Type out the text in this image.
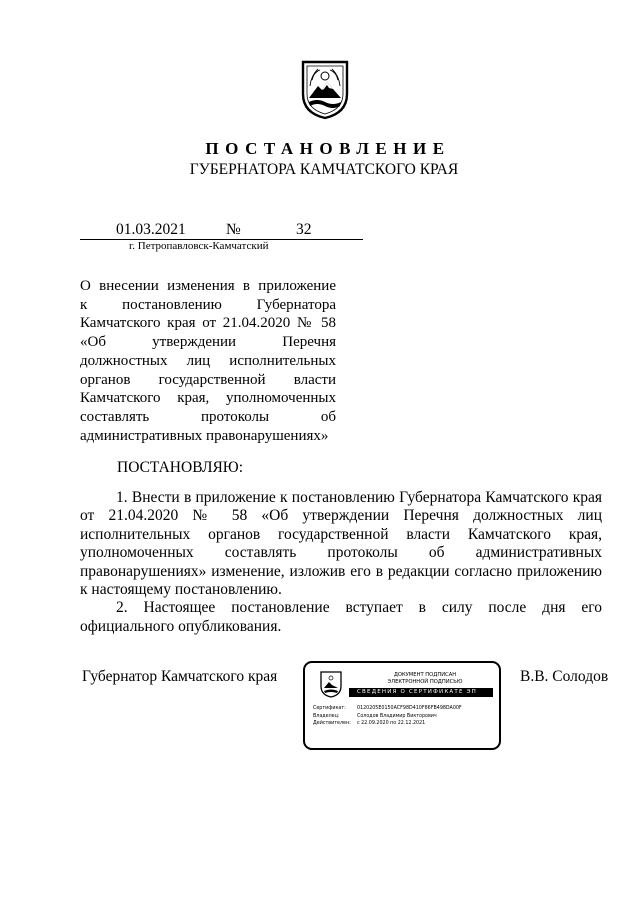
ПОСТАНОВЛЕНИЕ
ГУБЕРНАТОРА КАМЧАТСКОГО КРАЯ
01.03.2021	№	32
г. Петропавловск-Камчатский
О внесении изменения в приложение
к постановлению Губернатора
Камчатского края от 21.04.2020 № 58
«Об утверждении Перечня
должностных лиц исполнительных
органов государственной власти
Камчатского края, уполномоченных
составлять протоколы об
административных правонарушениях»
ПОСТАНОВЛЯЮ:

1. Внести в приложение к постановлению Губернатора Камчатского края от 21.04.2020 № 58 «Об утверждении Перечня должностных лиц исполнительных органов государственной власти Камчатского края, уполномоченных составлять протоколы об административных правонарушениях» изменение, изложив его в редакции согласно приложению к настоящему постановлению.

2. Настоящее постановление вступает в силу после дня его официального опубликования.

Губернатор Камчатского края	В.В. Солодов
ДОКУМЕНТ ПОДПИСАН
ЭЛЕКТРОННОЙ ПОДПИСЬЮ
СВЕДЕНИЯ О СЕРТИФИКАТЕ ЭП
Сертификат:	0120205E0150ACF98D410F86FB498DA00F
Владелец:	Солодов Владимир Викторович
Действителен:	с 22.09.2020 по 22.12.2021
